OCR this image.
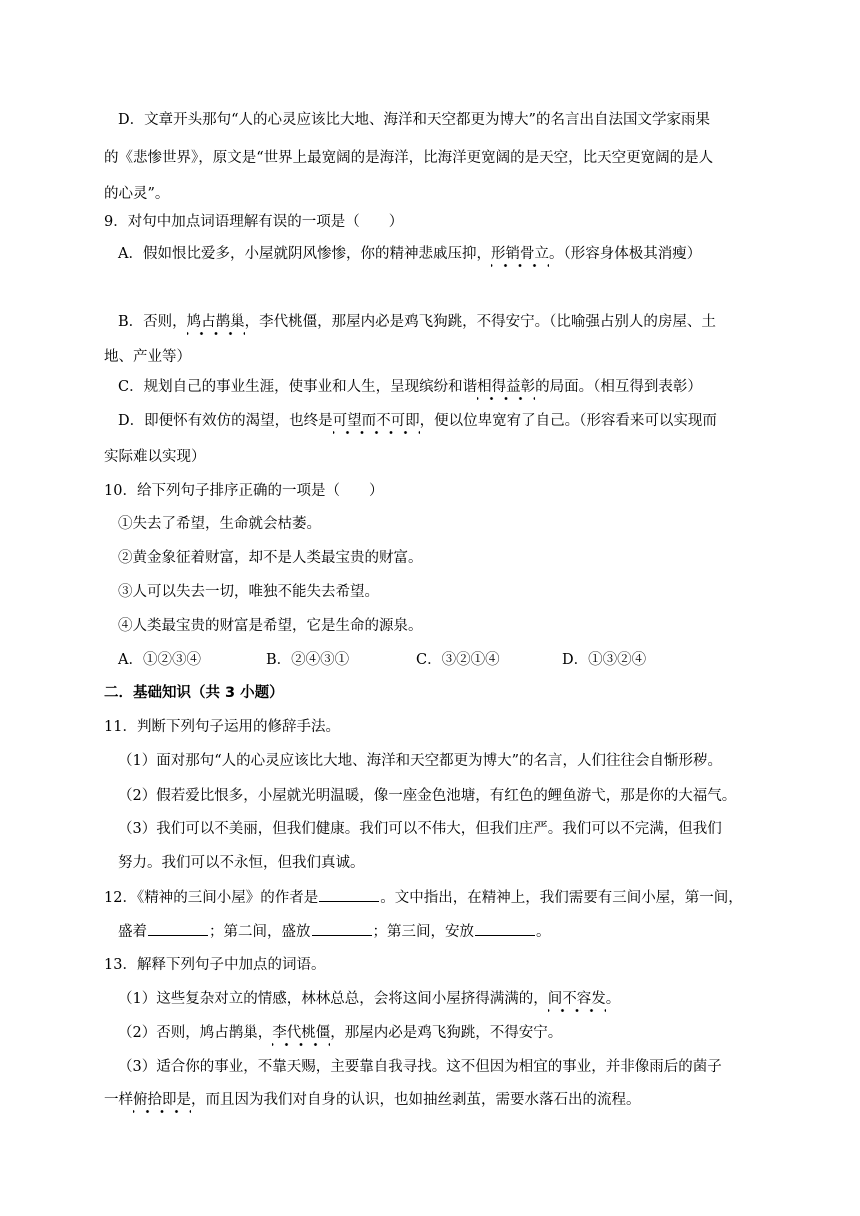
D．文章开头那句“人的心灵应该比大地、海洋和天空都更为博大”的名言出自法国文学家雨果
的《悲惨世界》，原文是“世界上最宽阔的是海洋，比海洋更宽阔的是天空，比天空更宽阔的是人
的心灵”。
9．对句中加点词语理解有误的一项是（　　）
A．假如恨比爱多，小屋就阴风惨惨，你的精神悲戚压抑，形销骨立。（形容身体极其消瘦）
B．否则，鸠占鹊巢，李代桃僵，那屋内必是鸡飞狗跳，不得安宁。（比喻强占别人的房屋、土
地、产业等）
C．规划自己的事业生涯，使事业和人生，呈现缤纷和谐相得益彰的局面。（相互得到表彰）
D．即便怀有效仿的渴望，也终是可望而不可即，便以位卑宽宥了自己。（形容看来可以实现而
实际难以实现）
10．给下列句子排序正确的一项是（　　）
①失去了希望，生命就会枯萎。
②黄金象征着财富，却不是人类最宝贵的财富。
③人可以失去一切，唯独不能失去希望。
④人类最宝贵的财富是希望，它是生命的源泉。
A．①②③④	B．②④③①	C．③②①④	D．①③②④
二．基础知识（共 3 小题）
11．判断下列句子运用的修辞手法。
（1）面对那句“人的心灵应该比大地、海洋和天空都更为博大”的名言，人们往往会自惭形秽。
（2）假若爱比恨多，小屋就光明温暖，像一座金色池塘，有红色的鲤鱼游弋，那是你的大福气。
（3）我们可以不美丽，但我们健康。我们可以不伟大，但我们庄严。我们可以不完满，但我们
努力。我们可以不永恒，但我们真诚。
12．《精神的三间小屋》的作者是	。文中指出，在精神上，我们需要有三间小屋，第一间，
盛着	；第二间，盛放	；第三间，安放	。
13．解释下列句子中加点的词语。
（1）这些复杂对立的情感，林林总总，会将这间小屋挤得满满的，间不容发。
（2）否则，鸠占鹊巢，李代桃僵，那屋内必是鸡飞狗跳，不得安宁。
（3）适合你的事业，不靠天赐，主要靠自我寻找。这不但因为相宜的事业，并非像雨后的菌子
一样俯拾即是，而且因为我们对自身的认识，也如抽丝剥茧，需要水落石出的流程。
